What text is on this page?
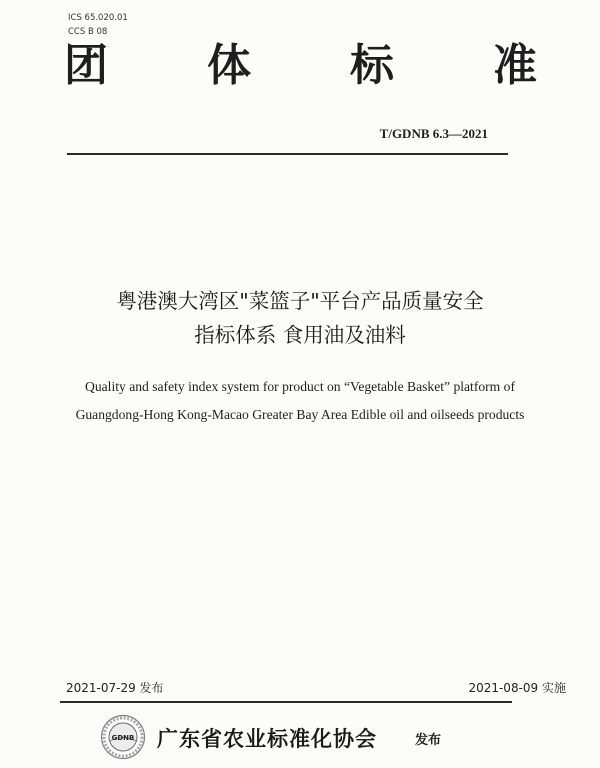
ICS 65.020.01
CCS B 08
团 体 标 准
T/GDNB 6.3—2021
粤港澳大湾区"菜篮子"平台产品质量安全
指标体系 食用油及油料
Quality and safety index system for product on “Vegetable Basket” platform of
Guangdong-Hong Kong-Macao Greater Bay Area Edible oil and oilseeds products
2021-07-29 发布	2021-08-09 实施
GDNB 广东省农业标准化协会	发布
